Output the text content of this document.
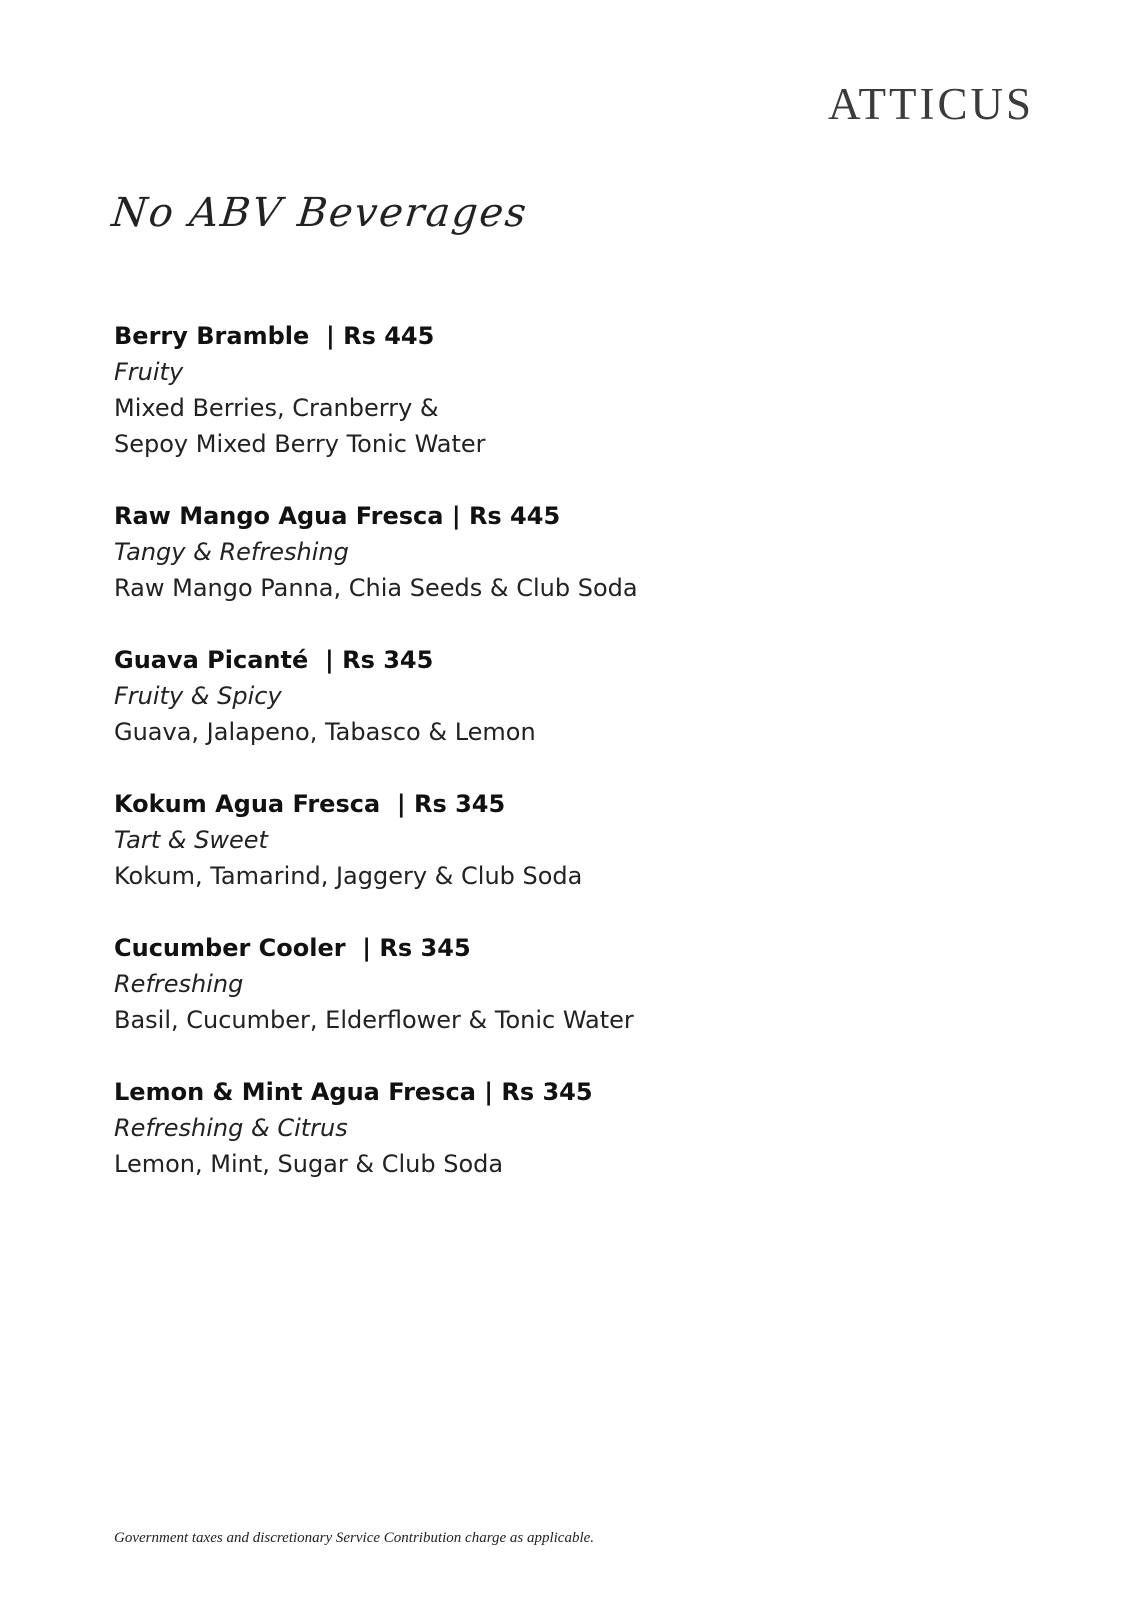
ATTICUS
No ABV Beverages
Berry Bramble  | Rs 445
Fruity
Mixed Berries, Cranberry &
Sepoy Mixed Berry Tonic Water
Raw Mango Agua Fresca | Rs 445
Tangy & Refreshing
Raw Mango Panna, Chia Seeds & Club Soda
Guava Picanté  | Rs 345
Fruity & Spicy
Guava, Jalapeno, Tabasco & Lemon
Kokum Agua Fresca  | Rs 345
Tart & Sweet
Kokum, Tamarind, Jaggery & Club Soda
Cucumber Cooler  | Rs 345
Refreshing
Basil, Cucumber, Elderflower & Tonic Water
Lemon & Mint Agua Fresca | Rs 345
Refreshing & Citrus
Lemon, Mint, Sugar & Club Soda
Government taxes and discretionary Service Contribution charge as applicable.
